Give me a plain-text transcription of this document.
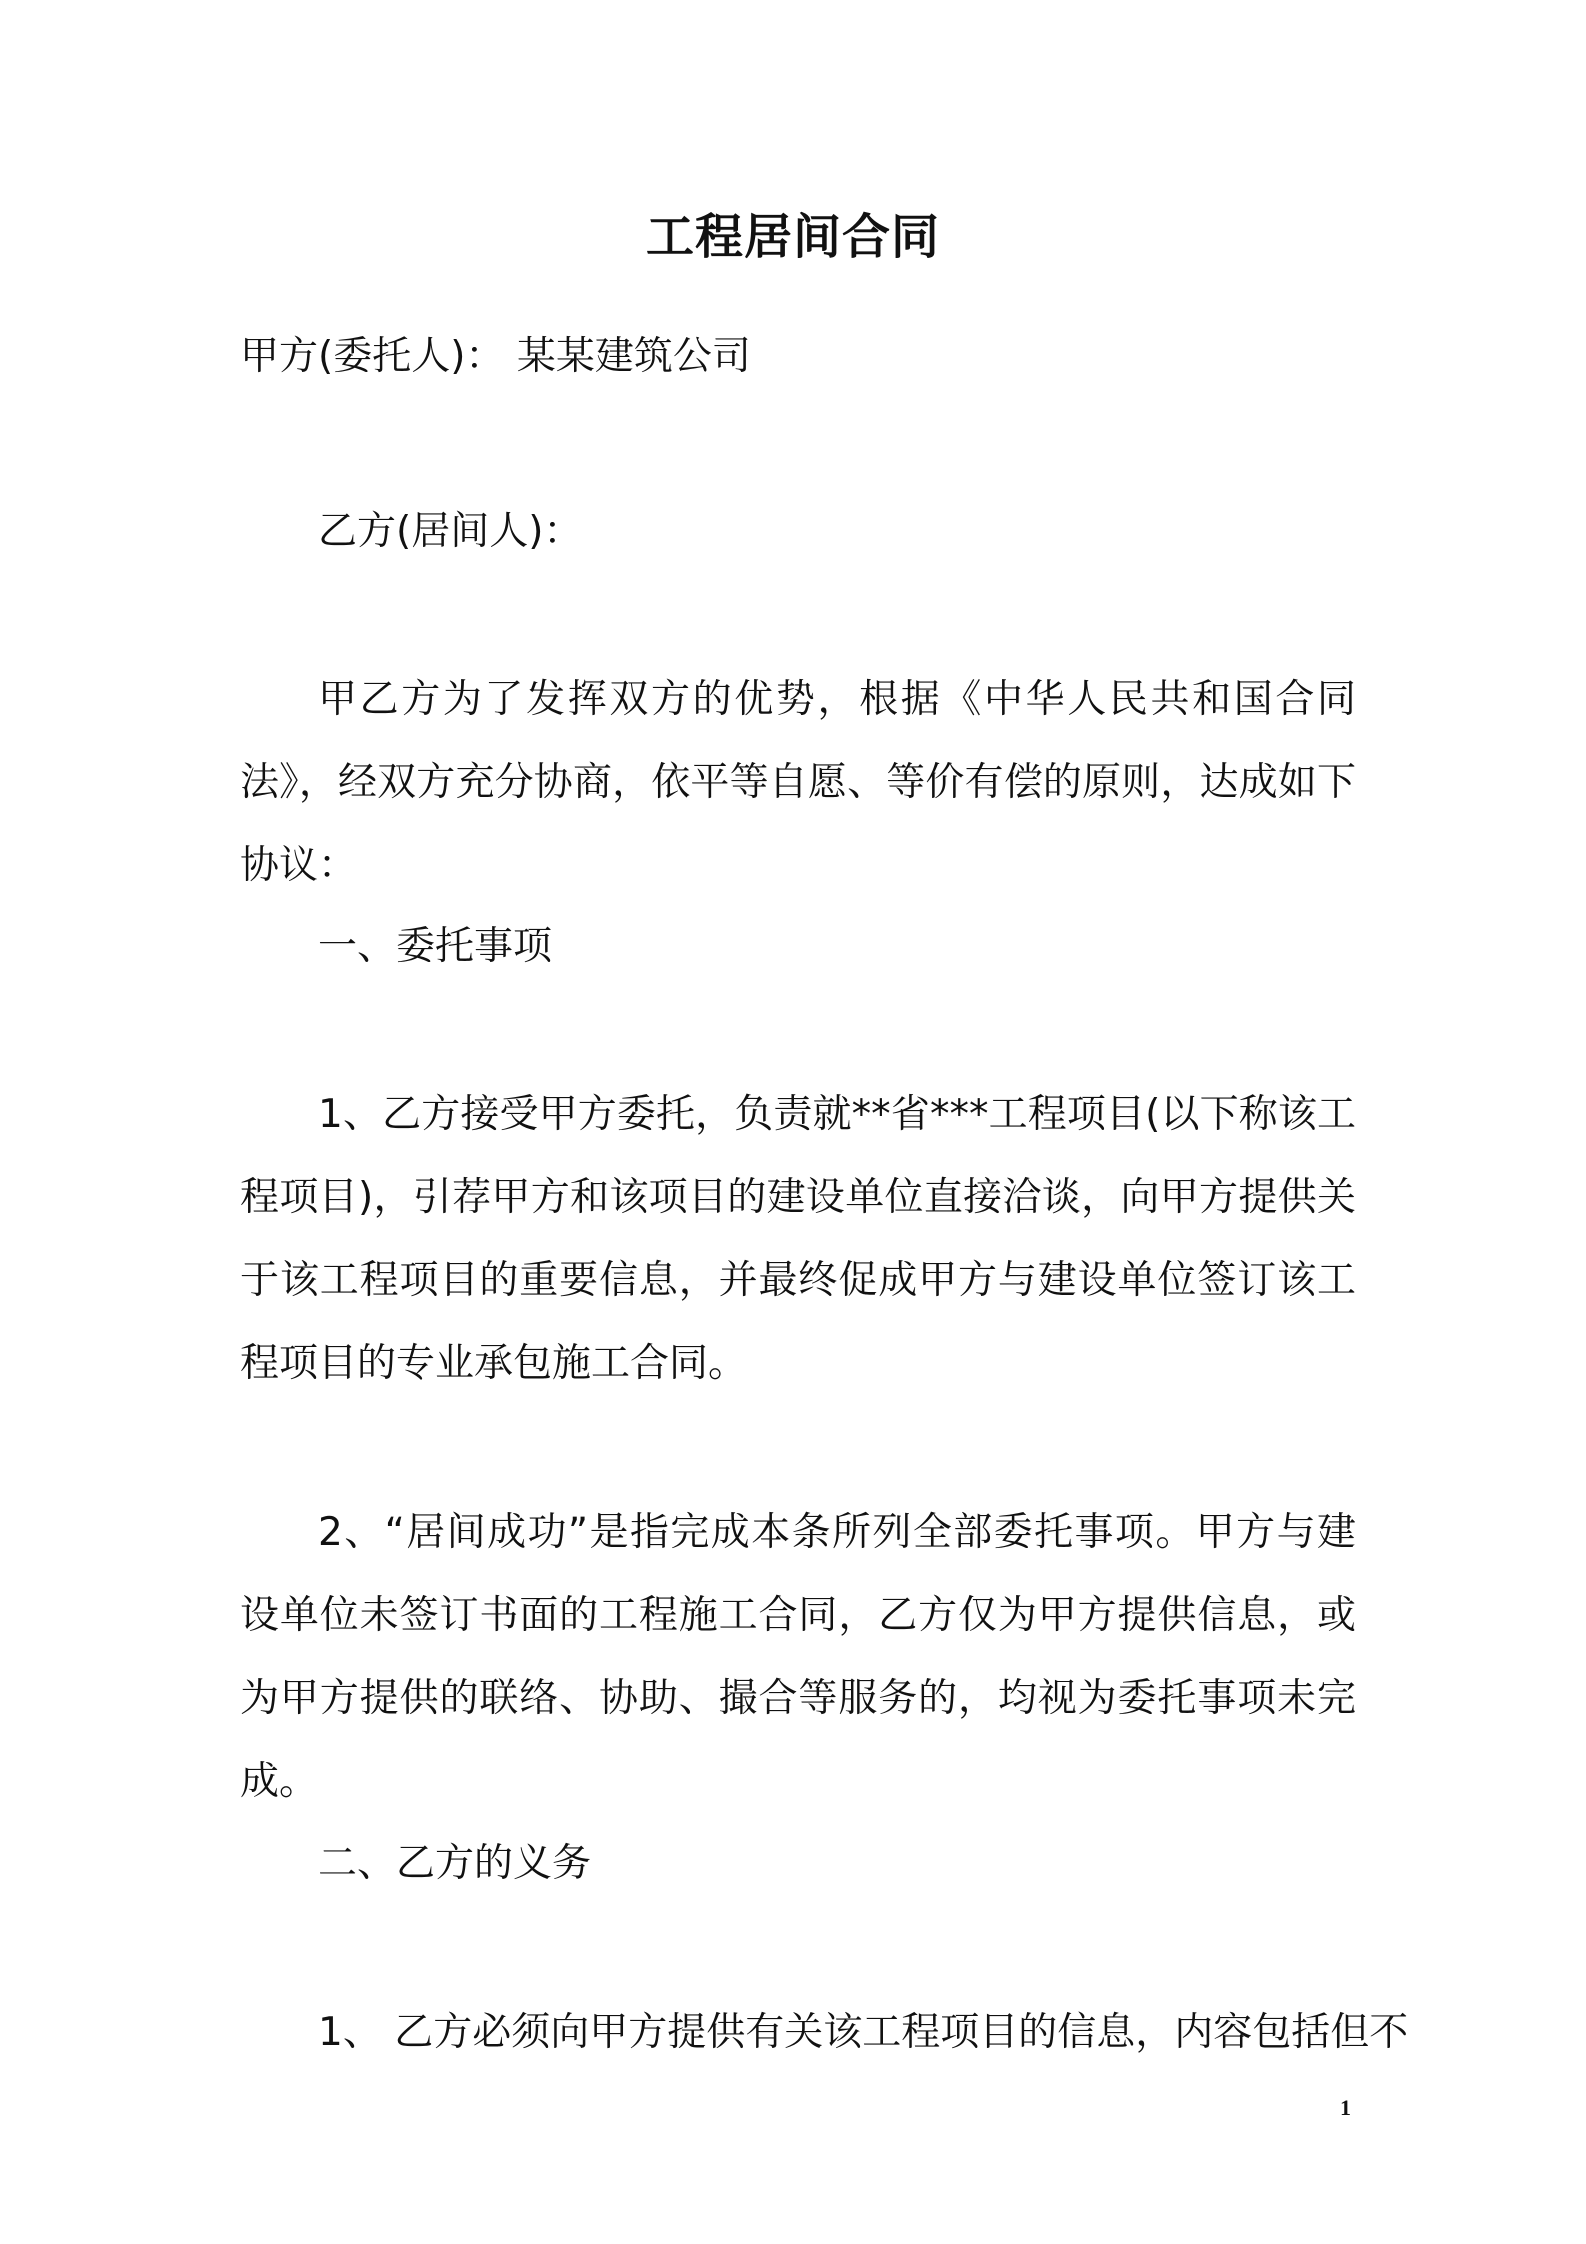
工程居间合同

甲方(委托人)： 某某建筑公司

乙方(居间人)：

甲乙方为了发挥双方的优势，根据《中华人民共和国合同法》，经双方充分协商，依平等自愿、等价有偿的原则，达成如下协议：

一、委托事项

1、乙方接受甲方委托，负责就**省***工程项目(以下称该工程项目)，引荐甲方和该项目的建设单位直接洽谈，向甲方提供关于该工程项目的重要信息，并最终促成甲方与建设单位签订该工程项目的专业承包施工合同。

2、“居间成功”是指完成本条所列全部委托事项。甲方与建设单位未签订书面的工程施工合同，乙方仅为甲方提供信息，或为甲方提供的联络、协助、撮合等服务的，均视为委托事项未完成。

二、乙方的义务

1、 乙方必须向甲方提供有关该工程项目的信息，内容包括但不

1
